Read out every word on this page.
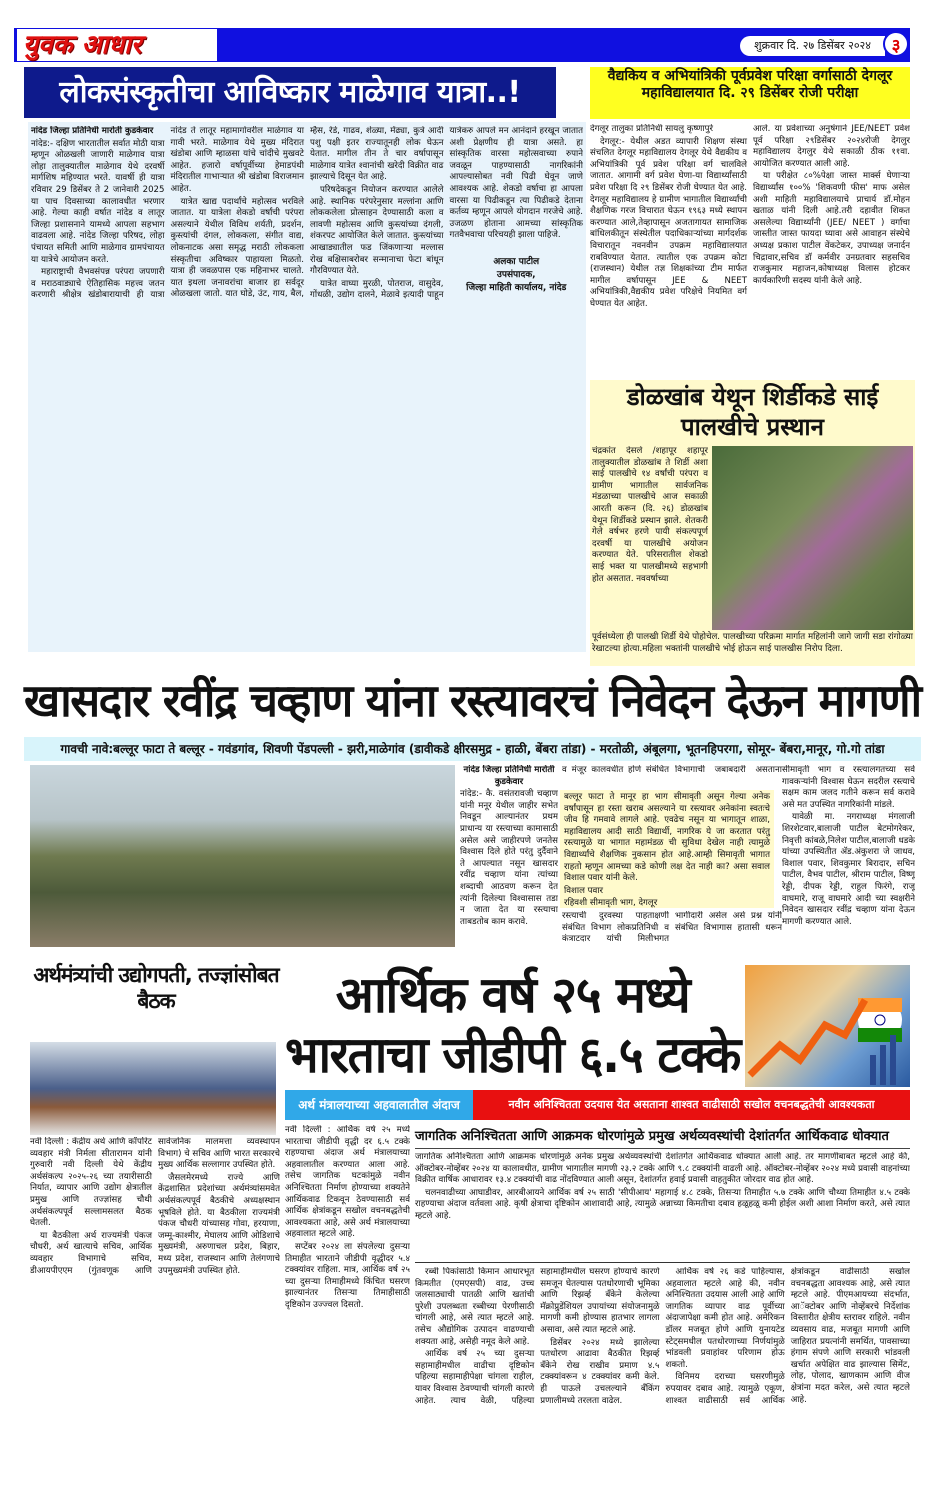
युवक आधार	शुक्रवार दि. २७ डिसेंबर २०२४	३
लोकसंस्कृतीचा आविष्कार माळेगाव यात्रा..!	वैद्यकिय व अभियांत्रिकी पूर्वप्रवेश परिक्षा वर्गासाठी देगलूर महाविद्यालयात दि. २९ डिसेंबर रोजी परीक्षा

नांदेड जिल्हा प्रतिनिधी मारोती कुडकेवार

नांदेड:- दक्षिण भारतातील सर्वात मोठी यात्रा म्हणून ओळखली जाणारी माळेगाव यात्रा लोहा तालुक्यातील माळेगाव येथे दरवर्षी मार्गशिष महिण्यात भरते. यावर्षी ही यात्रा रविवार 29 डिसेंबर ते 2 जानेवारी 2025 या पाच दिवसाच्या कालावधीत भरणार आहे. गेल्या काही वर्षात नांदेड व लातूर जिल्हा प्रशासनाने यामध्ये आपला सहभाग वाढवला आहे. नांदेड जिल्हा परिषद, लोहा पंचायत समिती आणि माळेगाव ग्रामपंचायत या यात्रेचे आयोजन करते.

महाराष्ट्राची वैभवसंपन्न परंपरा जपणारी व मराठवाड्याचे ऐतिहासिक महत्त्व जतन करणारी श्रीक्षेत्र खंडोबारायाची ही यात्रा नांदेड ते लातूर महामार्गावरील माळेगाव या गावी भरते. माळेगाव येथे मुख्य मंदिरात खंडोबा आणि म्हाळसा यांचे चांदीचे मुखवटे आहेत. हजारो वर्षापूर्वीच्या हेमाडपंथी मंदिरातील गाभाऱ्यात श्री खंडोबा विराजमान आहेत.

यात्रेत खाद्य पदार्थांचे महोत्सव भरविले जातात. या यात्रेला शेकडो वर्षांची परंपरा असल्याने येथील विविध शर्यती, प्रदर्शन, कुस्त्यांची दंगल, लोककला, संगीत वाद्य, लोकनाटक असा समृद्ध मराठी लोककला संस्कृतीचा अविष्कार पाहायला मिळतो. यात्रा ही जवळपास एक महिनाभर चालते. यात इथला जनावरांचा बाजार हा सर्वदूर ओळखला जातो. यात घोडे, उंट, गाय, बैल, म्हैस, रेडे, गाढव, शेळ्या, मेंढ्या, कुत्रे आदी पशु पक्षी इतर राज्यातूनही लोक घेऊन येतात. मागील तीन ते चार वर्षापासून माळेगाव यात्रेत श्वानांची खरेदी विक्रीत वाढ झाल्याचे दिसून येत आहे.

परिषदेकडून नियोजन करण्यात आलेले आहे. स्थानिक परंपरेनुसार मल्लांना आणि लोककलेला प्रोत्साहन देण्यासाठी कला व लावणी महोत्सव आणि कुस्त्यांच्या दंगली, शंकरपट आयोजित केले जातात. कुस्त्यांच्या आखाड्यातील फड जिंकणाऱ्या मल्लास रोख बक्षिसाबरोबर सन्मानाचा फेटा बांधून गौरविण्यात येते.

यात्रेत वाघ्या मुरळी, पोतराज, वासुदेव, गोंधळी, उद्योग दालने, मेळावे इत्यादी पाहून यात्रेकरु आपले मन आनंदाने हरखून जातात अशी प्रेक्षणीय ही यात्रा असते. हा सांस्कृतिक वारसा महोत्सवाच्या रुपाने जवळून पाहण्यासाठी नागरिकांनी आपल्यासोबत नवी पिढी घेवून जाणे आवश्यक आहे. शेकडो वर्षाचा हा आपला वारसा या पिढीकडून त्या पिढीकडे देताना कर्तव्य म्हणून आपले योगदान गरजेचे आहे. उजळण होताना आमच्या सांस्कृतिक गतवैभवाचा परिचयही झाला पाहिजे.

अलका पाटील
उपसंपादक,
जिल्हा माहिती कार्यालय, नांदेड

देगलूर तालुका प्रतिनिधी सायलु कृष्णापुरे

देगलूर:- येथील अडत व्यापारी शिक्षण संस्था संचलित देगलूर महाविद्यालय देगलूर येथे वैद्यकीय व अभियांत्रिकी पूर्व प्रवेश परिक्षा वर्ग चालविले जातात. आगामी वर्ग प्रवेश घेणा-या विद्यार्थ्यांसाठी प्रवेश परिक्षा दि २९ डिसेंबर रोजी घेण्यात येत आहे. देगलूर महाविद्यालय हे ग्रामीण भागातील विद्यार्थ्यांची शैक्षणिक गरज विचारात घेऊन १९६३ मध्ये स्थापन करण्यात आले,तेव्हापासून अजतागायत सामाजिक बांधिलकीतून संस्थेतील पदाधिकाऱ्यांच्या मार्गदर्शक विचारातून नवनवीन उपक्रम महाविद्यालयात राबविण्यात येतात. त्यातील एक उपक्रम कोटा (राजस्थान) येथील तज्ञ शिक्षकांच्या टीम मार्फत मागील वर्षापासून JEE & NEET अभियांत्रिकी,वैद्यकीय प्रवेश परिक्षेचे नियमित वर्ग घेण्यात येत आहेत.

आले. या प्रवेशाच्या अनुषंगाने JEE/NEET प्रवेश पूर्व परिक्षा २९डिसेंबर २०२४रोजी देगलुर महाविद्यालय देगलुर येथे सकाळी ठीक ११वा. आयोजित करण्यात आली आहे.

या परीक्षेत ८०%पेक्षा जास्त मार्क्स घेणाऱ्या विद्यार्थ्यांस १००% 'शिकवणी फीस' माफ असेल अशी माहिती महाविद्यालयाचे प्राचार्य डॉ.मोहन खताळ यांनी दिली आहे.तरी दहावीत शिकत असलेल्या विद्यार्थ्यांनी (JEE/ NEET ) वर्गाचा जास्तीत जास्त फायदा घ्यावा असे आवाहन संस्थेचे अध्यक्ष प्रकाश पाटील वेंकटेकर, उपाध्यक्ष जनार्दन चिद्रावार,सचिव डॉ कर्मवीर उनग्रतवार सहसचिव राजकुमार महाजन,कोषाध्यक्ष विलास होटकर कार्यकारिणी सदस्य यांनी केले आहे.

डोळखांब येथून शिर्डीकडे साई पालखीचे प्रस्थान

चंद्रकांत देसले /शहापूर शहापूर तालुक्यातील डोळखांब ते शिर्डी अशा साई पालखीचे १४ वर्षांची परंपरा व ग्रामीण भागातील सार्वजनिक मंडळाच्या पालखीचे आज सकाळी आरती करून (दि. २६) डोळखांब येथून शिर्डीकडे प्रस्थान झाले. शेतकरी गेले वर्षभर हरणे पायी संकल्पपूर्ण दरवर्षी या पालखीचे अयोजन करण्यात येते. परिसरातील शेकडो साई भक्त या पालखीमध्ये सहभागी होत असतात. नववर्षाच्या

पूर्वसंध्येला ही पालखी शिर्डी येथे पोहोचेल. पालखीच्या परिक्रमा मार्गात महिलांनी जागे जागी सडा रांगोळ्या रेखाटल्या होत्या.महिला भक्तांनी पालखीचे भोई होऊन साई पालखीस निरोप दिला.

खासदार रवींद्र चव्हाण यांना रस्त्यावरचं निवेदन देऊन मागणी
गावची नावे:बल्लूर फाटा ते बल्लूर - गवंडगांव, शिवणी पेंडपल्ली - झरी,माळेगांव (डावीकडे क्षीरसमुद्र - हाळी, बेंबरा तांडा) - मरतोळी, अंबूलगा, भूतनहिपरगा, सोमूर- बेंबरा,मानूर, गो.गो तांडा

नांदेड जिल्हा प्रतिनिधी मारोती कुडकेवार

नांदेड:- कै. वसंतरावजी चव्हाण यांनी मनूर येथील जाहीर सभेत निवडून आल्यानंतर प्रथम प्राधान्य या रस्त्याच्या कामासाठी असेल असे जाहीरपणे जनतेस विश्वास दिले होते परंतु दुर्दैवाने ते आपल्यात नसून खासदार रवींद्र चव्हाण यांना त्यांच्या शब्दाची आठवण करून देत त्यांनी दिलेल्या विश्वासास तडा न जाता देत या रस्त्याचा ताबडतोब काम करावे.

व मंजूर कालवधीत होणे संबंधित विभागाची जबाबदारी असताना

बल्लूर फाटा ते मानूर हा भाग सीमावृती असून गेल्या अनेक वर्षांपासून हा रस्ता खराब असल्याने या रस्त्यावर अनेकांना स्वतःचे जीव हि गमवावे लागले आहे. एवढेच नसून या भागातून शाळा, महाविद्यालय आदी साठी विद्यार्थी, नागरिक ये जा करतात परंतु रस्त्यामुळे या भागात महामंडळ ची सुविधा देखेल नाही त्यामुळे विद्यार्थ्यांचे शैक्षणिक नुकसान होत आहे.आम्ही सिमावृती भागात राहतो म्हणून आमच्या कडे कोणी लक्ष देत नाही का? असा सवाल विशाल पवार यांनी केले.

विशाल पवार

रहिवशी सीमावृती भाग, देगलूर

रस्त्याची दुरवस्था पाहताक्षणी संबंधित विभाग लोकप्रतिनिधी व कंत्राटदार यांची मिलीभगत भागीदारी असेल असे प्रश्न यांनी संबंधित विभागास हातासी धरून

सीमावृती भाग व रस्त्यालगतच्या सर्व गावकऱ्यांनी विश्वास घेऊन सदरील रस्त्याचे सक्षम काम जलद गतीने करून सर्व करावे असे मत उपस्थित नागरिकांनी मांडले.

यावेळी मा. नगराध्यक्ष मंगलाजी शिरशेटवार,बालाजी पाटील बेटमोगरेकर, निवृत्ती कांबळे,निलेश पाटील,बालाजी धडके यांच्या उपस्थितीत ॲड.अंकुशरा जे जाधव, विशाल पवार, शिवकुमार बिरादार, सचिन पाटील, वैभव पाटील, श्रीराम पाटील, विष्णू रेड्डी, दीपक रेड्डी, राहुल फिरंगे, राजू वाघमारे, राजू वाघमारे आदी च्या स्वक्षरीने निवेदन खासदार रवींद्र चव्हाण यांना देऊन मागणी करण्यात आले.

अर्थमंत्र्यांची उद्योगपती, तज्ज्ञांसोबत बैठक

नवी दिल्ली : केंद्रीय अर्थ आणि कॉर्पोरेट व्यवहार मंत्री निर्मला सीतारामन यांनी गुरुवारी नवी दिल्ली येथे केंद्रीय अर्थसंकल्प २०२५-२६ च्या तयारीसाठी निर्यात, व्यापार आणि उद्योग क्षेत्रातील प्रमुख आणि तज्ज्ञांसह चौथी अर्थसंकल्पपूर्व सल्लामसलत बैठक घेतली.

या बैठकीला अर्थ राज्यमंत्री पंकज चौधरी, अर्थ खात्याचे सचिव, आर्थिक व्यवहार विभागाचे सचिव, डीआयपीएएम (गुंतवणूक आणि सार्वजनिक मालमत्ता व्यवस्थापन विभाग) चे सचिव आणि भारत सरकारचे मुख्य आर्थिक सल्लागार उपस्थित होते.

जैसलमेरमध्ये राज्ये आणि केंद्रशासित प्रदेशांच्या अर्थमंत्र्यांसमवेत अर्थसंकल्पपूर्व बैठकीचे अध्यक्षस्थान भूषविले होते. या बैठकीला राज्यमंत्री पंकज चौधरी यांच्यासह गोवा, हरयाणा, जम्मू-काश्मीर, मेघालय आणि ओडिशाचे मुख्यमंत्री, अरुणाचल प्रदेश, बिहार, मध्य प्रदेश, राजस्थान आणि तेलंगणाचे उपमुख्यमंत्री उपस्थित होते.

आर्थिक वर्ष २५ मध्ये
भारताचा जीडीपी ६.५ टक्के
अर्थ मंत्रालयाच्या अहवालातील अंदाज	नवीन अनिश्चितता उदयास येत असताना शाश्वत वाढीसाठी सखोल वचनबद्धतेची आवश्यकता

नवी दिल्ली : आर्थिक वर्ष २५ मध्ये भारताचा जीडीपी वृद्धी दर ६.५ टक्के राहण्याचा अंदाज अर्थ मंत्रालयाच्या अहवालातील करण्यात आला आहे. तसेच जागतिक घटकांमुळे नवीन अनिश्चितता निर्माण होण्याच्या शक्यतेने आर्थिकवाढ टिकवून ठेवण्यासाठी सर्व आर्थिक क्षेत्रांकडून सखोल वचनबद्धतेची आवश्यकता आहे, असे अर्थ मंत्रालयाच्या अहवालात म्हटले आहे.

सप्टेंबर २०२४ ला संपलेल्या दुसऱ्या तिमाहीत भारताने जीडीपी वृद्धीदर ५.४ टक्क्यांवर राहिला. मात्र, आर्थिक वर्ष २५ च्या दुसऱ्या तिमाहीमध्ये किंचित घसरण झाल्यानंतर तिसऱ्या तिमाहीसाठी दृष्टिकोन उज्ज्वल दिसतो.

जागतिक अनिश्चितता आणि आक्रमक धोरणांमुळे प्रमुख अर्थव्यवस्थांची देशांतर्गत आर्थिकवाढ धोक्यात

जागतिक अनिश्चितता आणि आक्रमक धोरणांमुळे अनेक प्रमुख अर्थव्यवस्थांची देशांतर्गत आर्थिकवाढ धोक्यात आली आहे. तर मागणीबाबत म्हटले आहे की, ऑक्टोबर-नोव्हेंबर २०२४ या कालावधीत, ग्रामीण भागातील मागणी २३.२ टक्के आणि ९.८ टक्क्यांनी वाढली आहे. ऑक्टोबर-नोव्हेंबर २०२४ मध्ये प्रवासी वाहनांच्या विक्रीत वार्षिक आधारावर १३.४ टक्क्यांची वाढ नोंदविण्यात आली असून, देशांतर्गत हवाई प्रवासी वाहतुकीत जोरदार वाढ होत आहे.

चलनवाढीच्या आघाडीवर, आरबीआयने आर्थिक वर्ष २५ साठी 'सीपीआय' महागाई ४.८ टक्के, तिसऱ्या तिमाहीत ५.७ टक्के आणि चौथ्या तिमाहीत ४.५ टक्के राहण्याचा अंदाज वर्तवला आहे. कृषी क्षेत्राचा दृष्टिकोन आशावादी आहे, त्यामुळे अन्नाच्या किमतीचा दबाव हळूहळू कमी होईल अशी आशा निर्माण करते, असे त्यात म्हटले आहे.

रब्बी पिकांसाठी किमान आधारभूत किमतीत (एमएसपी) वाढ, उच्च जलसाठ्याची पातळी आणि खतांची पुरेशी उपलब्धता रब्बीच्या पेरणीसाठी चांगली आहे, असे त्यात म्हटले आहे. तसेच औद्योगिक उत्पादन वाढण्याची शक्यता आहे, असेही नमूद केले आहे.

आर्थिक वर्ष २५ च्या दुसऱ्या सहामाहीमधील वाढीचा दृष्टिकोन पहिल्या सहामाहीपेक्षा चांगला राहील, यावर विश्वास ठेवण्याची चांगली कारणे आहेत. त्याच वेळी, पहिल्या सहामाहीमधील घसरण होण्याचे कारणे समजून घेतल्यास पतधोरणाची भूमिका आणि रिझर्व्ह बँकेने केलेल्या मॅक्रोप्रुडेंशियल उपायांच्या संयोजनामुळे मागणी कमी होण्यास हातभार लागला असावा, असे त्यात म्हटले आहे.

डिसेंबर २०२४ मध्ये झालेल्या पतधोरण आढावा बैठकीत रिझर्व्ह बँकेने रोख राखीव प्रमाण ४.५ टक्क्यांवरून ४ टक्क्यांवर कमी केले. ही पाऊले उचलल्याने बँकिंग प्रणालीमध्ये तरलता वाढेल.

आर्थिक वर्ष २६ कडे पाहिल्यास, अहवालात म्हटले आहे की, नवीन अनिश्चितता उदयास आली आहे आणि जागतिक व्यापार वाढ पूर्वीच्या अंदाजापेक्षा कमी होत आहे. अमेरिकन डॉलर मजबूत होणे आणि युनायटेड स्टेट्समधील पतधोरणाच्या निर्णयांमुळे भांडवली प्रवाहांवर परिणाम होऊ शकतो.

विनिमय दराच्या घसरणीमुळे रुपयावर दबाव आहे. त्यामुळे एकूण, शाश्वत वाढीसाठी सर्व आर्थिक क्षेत्रांकडून वाढीसाठी सखोल वचनबद्धता आवश्यक आहे, असे त्यात म्हटले आहे. पीएमआयच्या संदर्भात, आॅक्टोबर आणि नोव्हेंबरचे निर्देशांक विस्तारीत क्षेत्रीय स्तरावर राहिले. नवीन व्यवसाय वाढ, मजबूत मागणी आणि जाहिरात प्रयत्नांनी समर्थित, पावसाच्या हंगाम संपणे आणि सरकारी भांडवली खर्चात अपेक्षित वाढ झाल्यास सिमेंट, लोह, पोलाद, खाणकाम आणि वीज क्षेत्रांना मदत करेल, असे त्यात म्हटले आहे.
